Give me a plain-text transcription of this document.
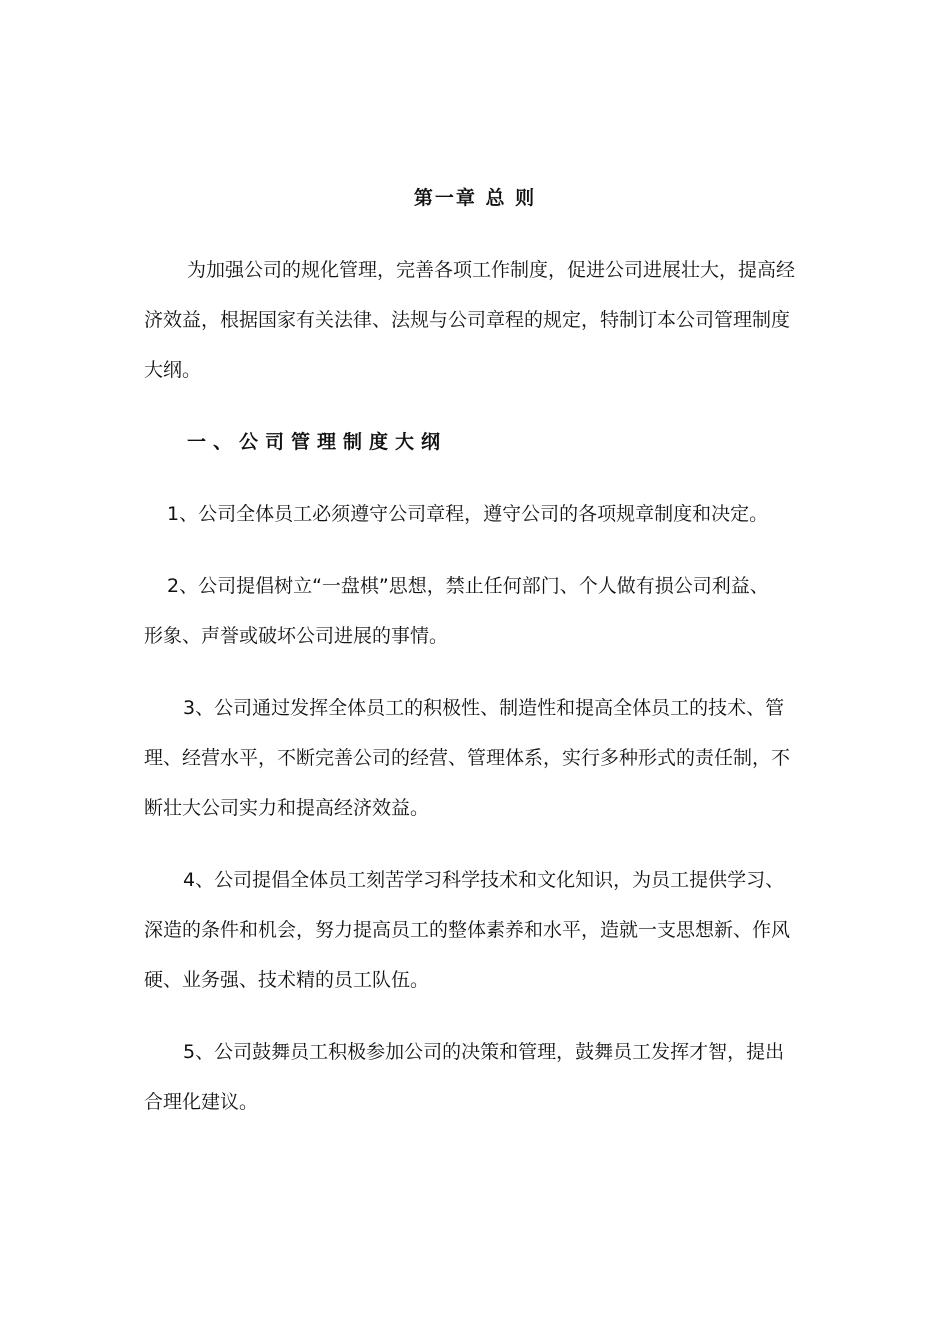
第一章 总 则
为加强公司的规化管理，完善各项工作制度，促进公司进展壮大，提高经
济效益，根据国家有关法律、法规与公司章程的规定，特制订本公司管理制度
大纲。
一、公司管理制度大纲
1、公司全体员工必须遵守公司章程，遵守公司的各项规章制度和决定。
2、公司提倡树立“一盘棋”思想，禁止任何部门、个人做有损公司利益、
形象、声誉或破坏公司进展的事情。
3、公司通过发挥全体员工的积极性、制造性和提高全体员工的技术、管
理、经营水平，不断完善公司的经营、管理体系，实行多种形式的责任制，不
断壮大公司实力和提高经济效益。
4、公司提倡全体员工刻苦学习科学技术和文化知识，为员工提供学习、
深造的条件和机会，努力提高员工的整体素养和水平，造就一支思想新、作风
硬、业务强、技术精的员工队伍。
5、公司鼓舞员工积极参加公司的决策和管理，鼓舞员工发挥才智，提出
合理化建议。
